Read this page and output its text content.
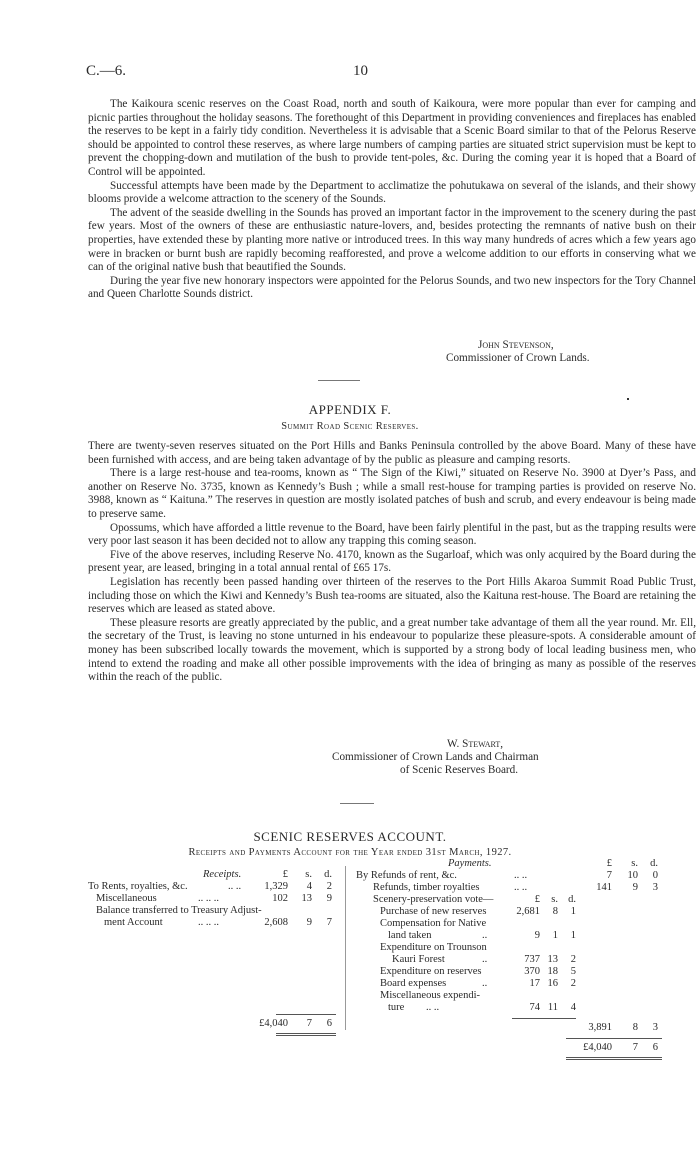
C.—6.	10

The Kaikoura scenic reserves on the Coast Road, north and south of Kaikoura, were more popular than ever for camping and picnic parties throughout the holiday seasons. The forethought of this Department in providing conveniences and fireplaces has enabled the reserves to be kept in a fairly tidy condition. Nevertheless it is advisable that a Scenic Board similar to that of the Pelorus Reserve should be appointed to control these reserves, as where large numbers of camping parties are situated strict supervision must be kept to prevent the chopping-down and mutilation of the bush to provide tent-poles, &c. During the coming year it is hoped that a Board of Control will be appointed.

Successful attempts have been made by the Department to acclimatize the pohutukawa on several of the islands, and their showy blooms provide a welcome attraction to the scenery of the Sounds.

The advent of the seaside dwelling in the Sounds has proved an important factor in the improvement to the scenery during the past few years. Most of the owners of these are enthusiastic nature-lovers, and, besides protecting the remnants of native bush on their properties, have extended these by planting more native or introduced trees. In this way many hundreds of acres which a few years ago were in bracken or burnt bush are rapidly becoming reafforested, and prove a welcome addition to our efforts in conserving what we can of the original native bush that beautified the Sounds.

During the year five new honorary inspectors were appointed for the Pelorus Sounds, and two new inspectors for the Tory Channel and Queen Charlotte Sounds district.

John Stevenson,
Commissioner of Crown Lands.
APPENDIX F.
Summit Road Scenic Reserves.

There are twenty-seven reserves situated on the Port Hills and Banks Peninsula controlled by the above Board. Many of these have been furnished with access, and are being taken advantage of by the public as pleasure and camping resorts.

There is a large rest-house and tea-rooms, known as “ The Sign of the Kiwi,” situated on Reserve No. 3900 at Dyer’s Pass, and another on Reserve No. 3735, known as Kennedy’s Bush ; while a small rest-house for tramping parties is provided on reserve No. 3988, known as “ Kaituna.” The reserves in question are mostly isolated patches of bush and scrub, and every endeavour is being made to preserve same.

Opossums, which have afforded a little revenue to the Board, have been fairly plentiful in the past, but as the trapping results were very poor last season it has been decided not to allow any trapping this coming season.

Five of the above reserves, including Reserve No. 4170, known as the Sugarloaf, which was only acquired by the Board during the present year, are leased, bringing in a total annual rental of £65 17s.

Legislation has recently been passed handing over thirteen of the reserves to the Port Hills Akaroa Summit Road Public Trust, including those on which the Kiwi and Kennedy’s Bush tea-rooms are situated, also the Kaituna rest-house. The Board are retaining the reserves which are leased as stated above.

These pleasure resorts are greatly appreciated by the public, and a great number take advantage of them all the year round. Mr. Ell, the secretary of the Trust, is leaving no stone unturned in his endeavour to popularize these pleasure-spots. A considerable amount of money has been subscribed locally towards the movement, which is supported by a strong body of local leading business men, who intend to extend the roading and make all other possible improvements with the idea of bringing as many as possible of the reserves within the reach of the public.

W. Stewart,
Commissioner of Crown Lands and Chairman
of Scenic Reserves Board.
SCENIC RESERVES ACCOUNT.
Receipts and Payments Account for the Year ended 31st March, 1927.
Receipts.
Payments.
£	s.	d.
£	s.	d.
To Rents, royalties, &c.	.. ..	1,329	4	2
Miscellaneous	.. .. ..	102	13	9
Balance transferred to Treasury Adjust-
ment Account	.. .. ..	2,608	9	7
£4,040	7	6
By Refunds of rent, &c.	.. ..	7	10	0
Refunds, timber royalties	.. ..	141	9	3
Scenery-preservation vote—	£	s. d.
Purchase of new reserves	2,681	8	1
Compensation for Native
land taken	..	9	1	1
Expenditure on Trounson
Kauri Forest	..	737 13	2
Expenditure on reserves	370 18	5
Board expenses	..	17 16	2
Miscellaneous expendi-
ture .. ..	74 11	4
3,891	8	3
£4,040	7	6
